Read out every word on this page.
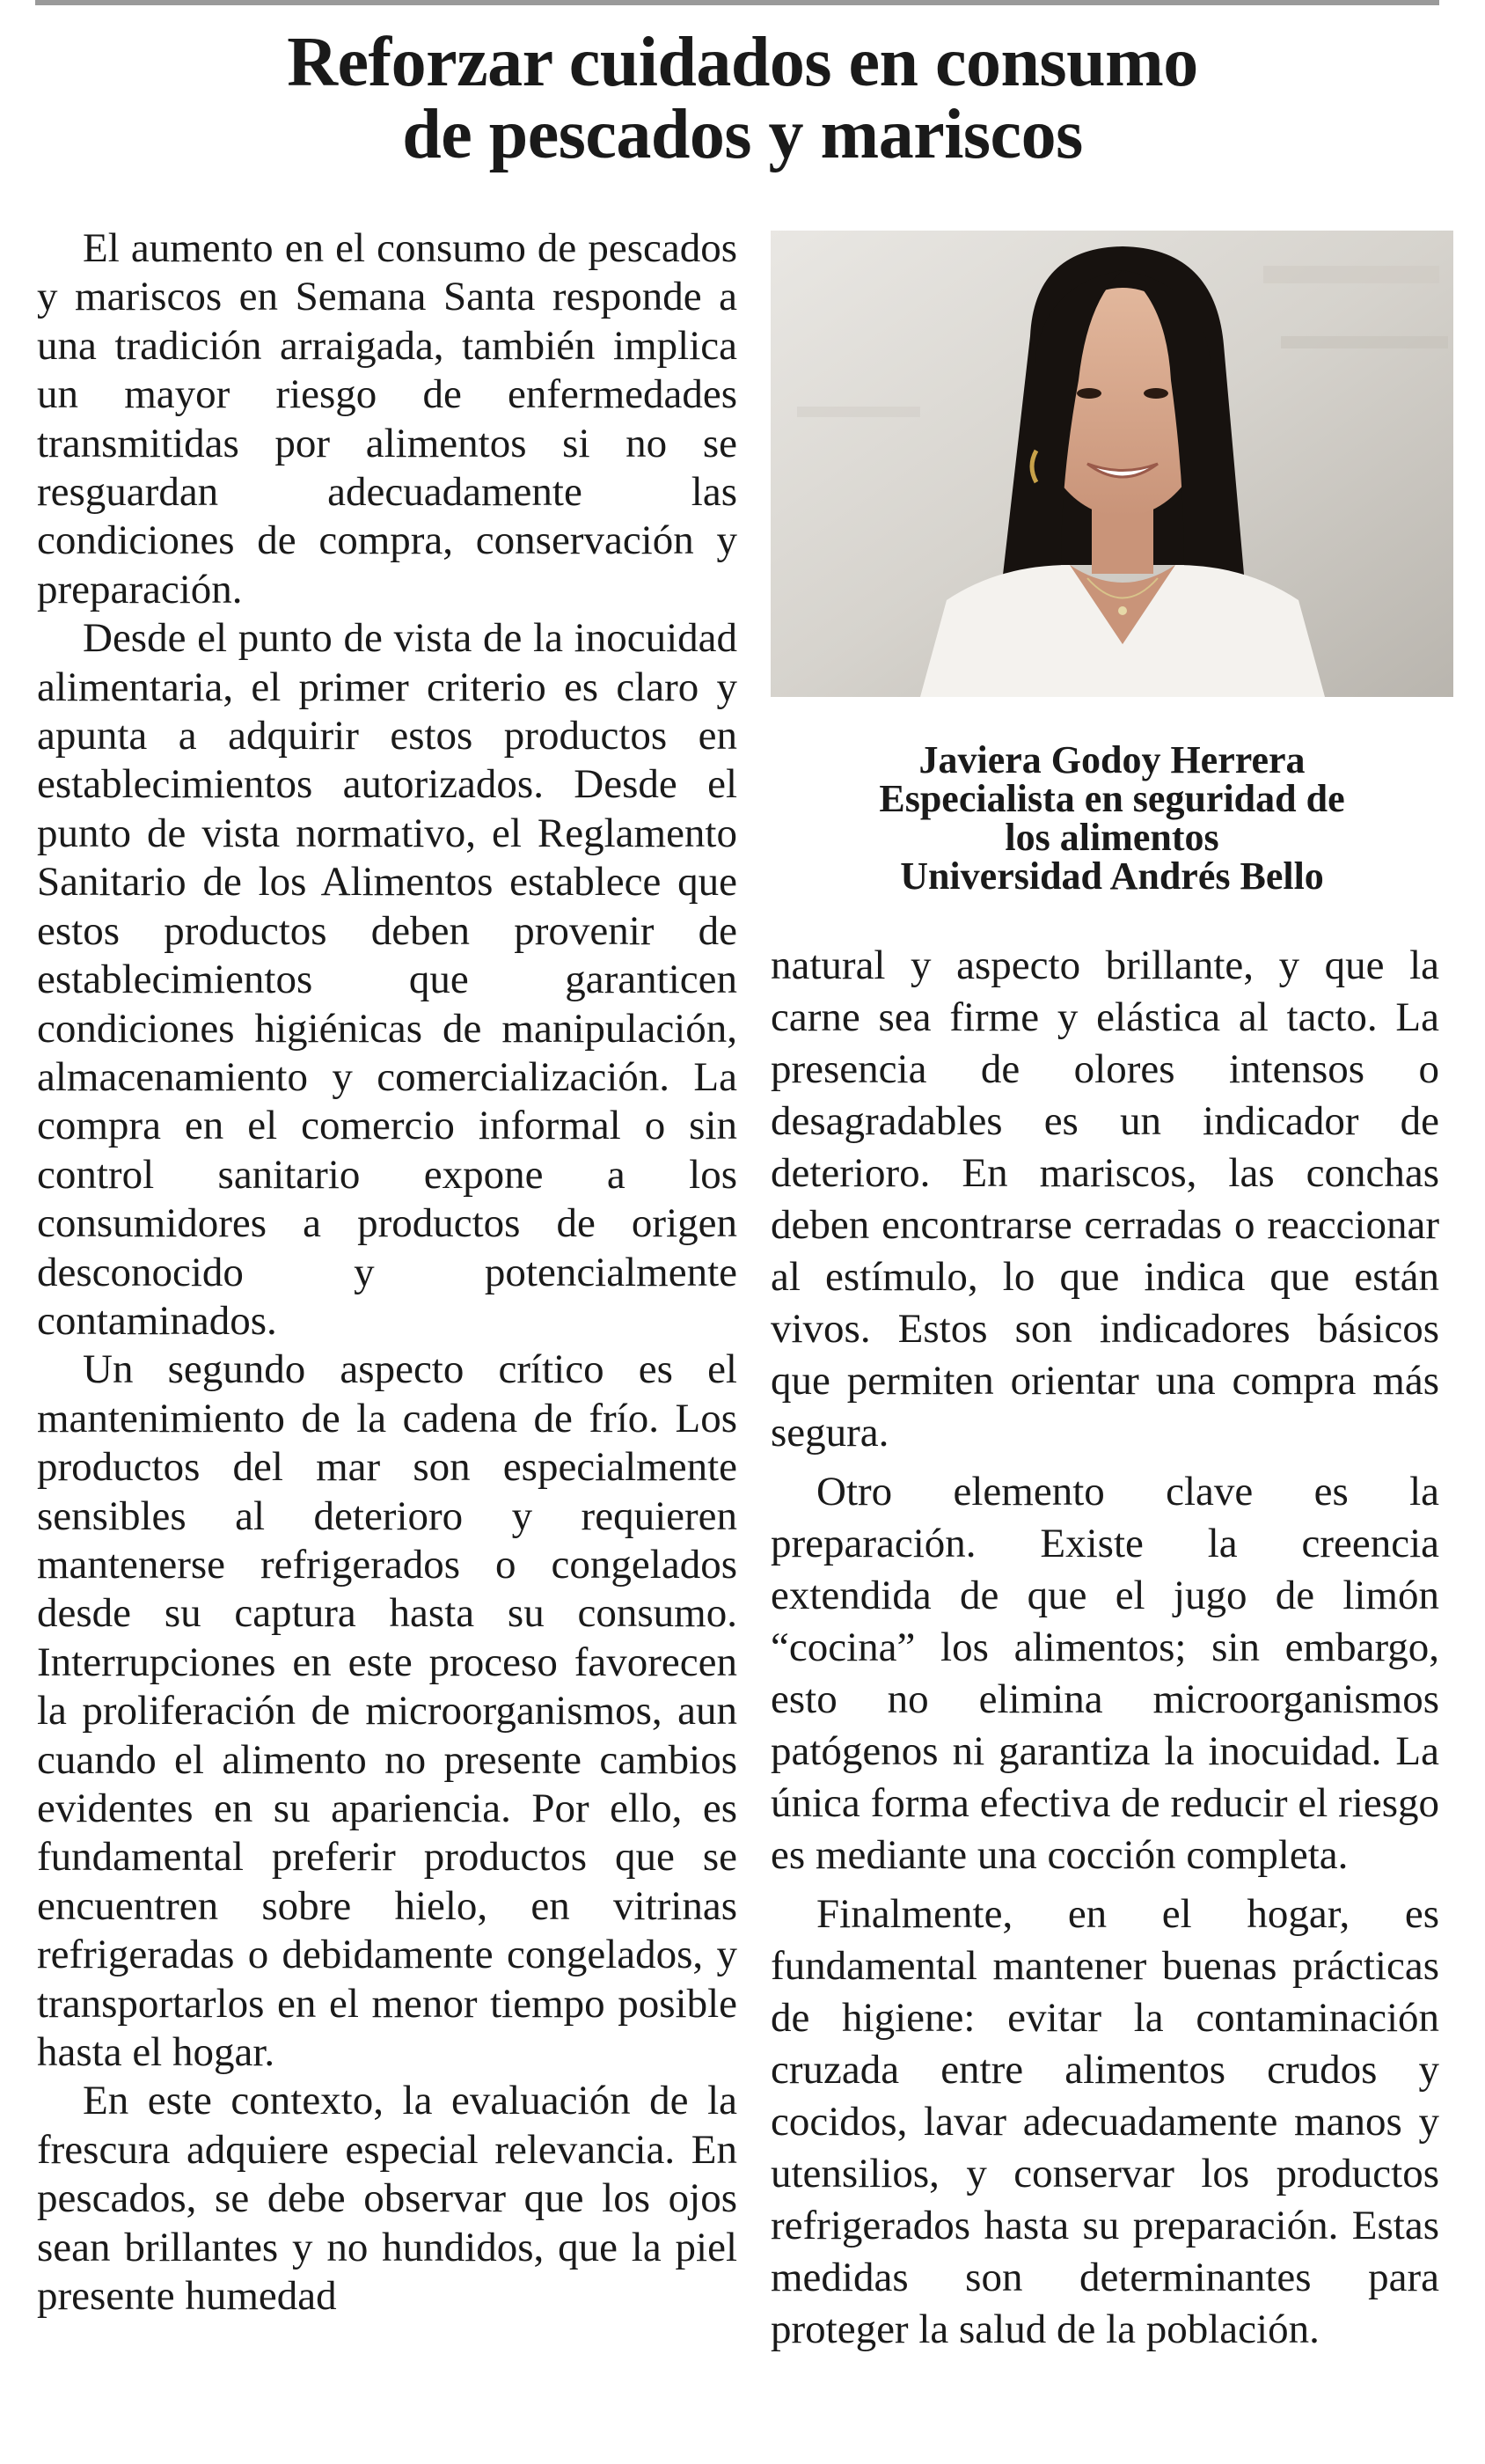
Reforzar cuidados en consumo
de pescados y mariscos

El aumento en el consumo de pescados y mariscos en Semana Santa responde a una tradición arraigada, también implica un mayor riesgo de enfermedades transmitidas por alimentos si no se resguardan adecuadamente las condiciones de compra, conservación y preparación.

Desde el punto de vista de la inocuidad alimentaria, el primer criterio es claro y apunta a adquirir estos productos en establecimientos autorizados. Desde el punto de vista normativo, el Reglamento Sanitario de los Alimentos establece que estos productos deben provenir de establecimientos que garanticen condiciones higiénicas de manipulación, almacenamiento y comercialización. La compra en el comercio informal o sin control sanitario expone a los consumidores a productos de origen desconocido y potencialmente contaminados.

Un segundo aspecto crítico es el mantenimiento de la cadena de frío. Los productos del mar son especialmente sensibles al deterioro y requieren mantenerse refrigerados o congelados desde su captura hasta su consumo. Interrupciones en este proceso favorecen la proliferación de microorganismos, aun cuando el alimento no presente cambios evidentes en su apariencia. Por ello, es fundamental preferir productos que se encuentren sobre hielo, en vitrinas refrigeradas o debidamente congelados, y transportarlos en el menor tiempo posible hasta el hogar.

En este contexto, la evaluación de la frescura adquiere especial relevancia. En pescados, se debe observar que los ojos sean brillantes y no hundidos, que la piel presente humedad

Javiera Godoy Herrera
Especialista en seguridad de
los alimentos
Universidad Andrés Bello

natural y aspecto brillante, y que la carne sea firme y elástica al tacto. La presencia de olores intensos o desagradables es un indicador de deterioro. En mariscos, las conchas deben encontrarse cerradas o reaccionar al estímulo, lo que indica que están vivos. Estos son indicadores básicos que permiten orientar una compra más segura.

Otro elemento clave es la preparación. Existe la creencia extendida de que el jugo de limón “cocina” los alimentos; sin embargo, esto no elimina microorganismos patógenos ni garantiza la inocuidad. La única forma efectiva de reducir el riesgo es mediante una cocción completa.

Finalmente, en el hogar, es fundamental mantener buenas prácticas de higiene: evitar la contaminación cruzada entre alimentos crudos y cocidos, lavar adecuadamente manos y utensilios, y conservar los productos refrigerados hasta su preparación. Estas medidas son determinantes para proteger la salud de la población.
